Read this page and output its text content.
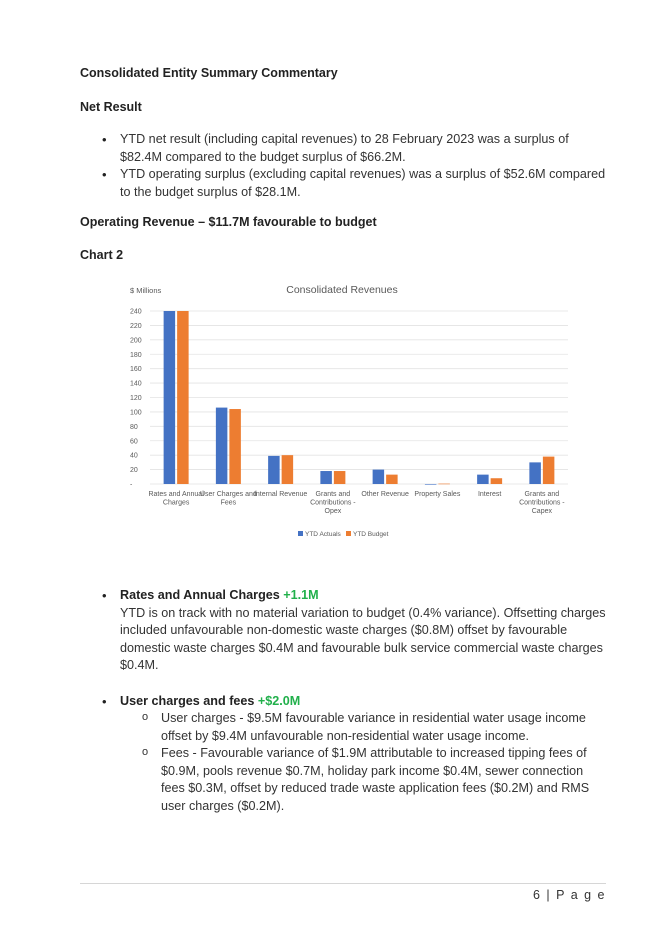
Consolidated Entity Summary Commentary
Net Result
• YTD net result (including capital revenues) to 28 February 2023 was a surplus of $82.4M compared to the budget surplus of $66.2M.
• YTD operating surplus (excluding capital revenues) was a surplus of $52.6M compared to the budget surplus of $28.1M.
Operating Revenue – $11.7M favourable to budget
Chart 2
$ Millions	Consolidated Revenues
240
220
200
180
160
140
120
100
80
60
40
20
-
Rates and Annual Charges
User Charges and Fees
Internal Revenue	Grants and Contributions -Opex
Other Revenue Property Sales	Interest	Grants and Contributions -Capex
YTD Actuals YTD Budget
• Rates and Annual Charges +1.1M
YTD is on track with no material variation to budget (0.4% variance). Offsetting charges included unfavourable non-domestic waste charges ($0.8M) offset by favourable domestic waste charges $0.4M and favourable bulk service commercial waste charges $0.4M.
• User charges and fees +$2.0M
o User charges - $9.5M favourable variance in residential water usage income offset by $9.4M unfavourable non-residential water usage income.
o Fees - Favourable variance of $1.9M attributable to increased tipping fees of $0.9M, pools revenue $0.7M, holiday park income $0.4M, sewer connection fees $0.3M, offset by reduced trade waste application fees ($0.2M) and RMS user charges ($0.2M).
6 | P a g e
